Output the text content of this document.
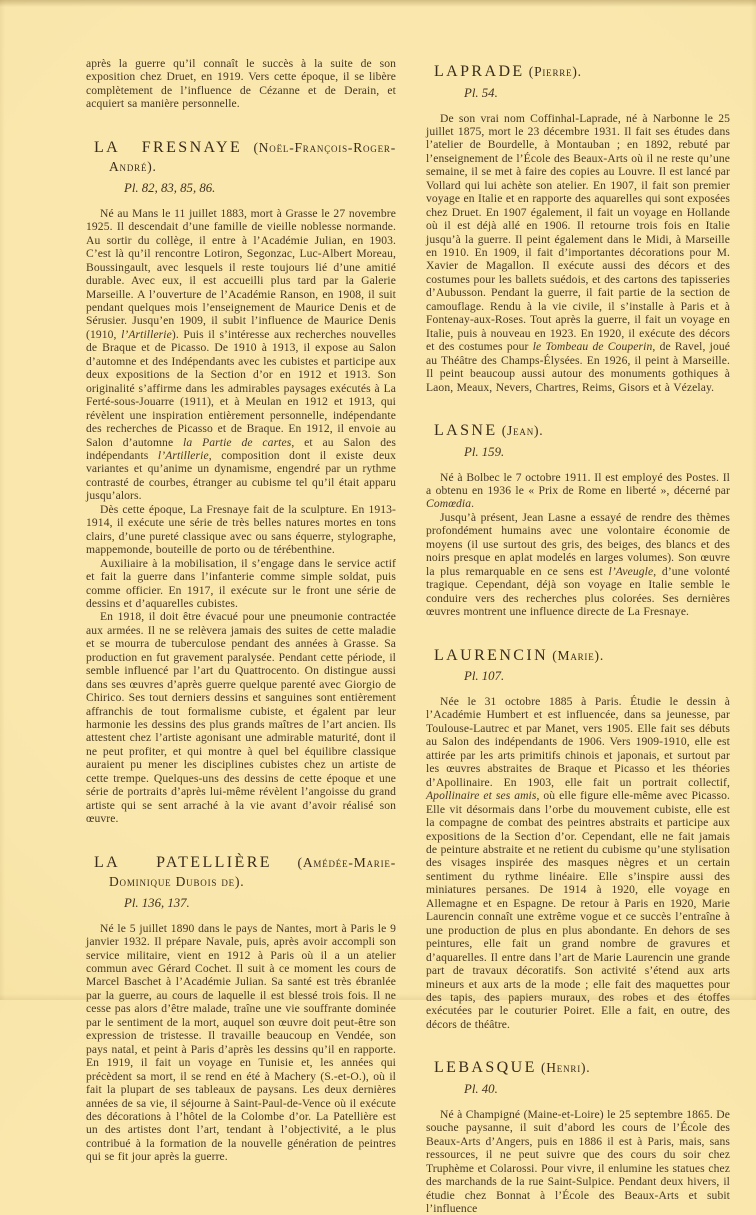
après la guerre qu’il connaît le succès à la suite de son exposition chez Druet, en 1919. Vers cette époque, il se libère complètement de l’influence de Cézanne et de Derain, et acquiert sa manière personnelle.

LA FRESNAYE (Noël-François-Roger-André).
Pl. 82, 83, 85, 86.

Né au Mans le 11 juillet 1883, mort à Grasse le 27 novembre 1925. Il descendait d’une famille de vieille noblesse normande. Au sortir du collège, il entre à l’Académie Julian, en 1903. C’est là qu’il rencontre Lotiron, Segonzac, Luc-Albert Moreau, Boussingault, avec lesquels il reste toujours lié d’une amitié durable. Avec eux, il est accueilli plus tard par la Galerie Marseille. A l’ouverture de l’Académie Ranson, en 1908, il suit pendant quelques mois l’enseignement de Maurice Denis et de Sérusier. Jusqu’en 1909, il subit l’influence de Maurice Denis (1910, l’Artillerie). Puis il s’intéresse aux recherches nouvelles de Braque et de Picasso. De 1910 à 1913, il expose au Salon d’automne et des Indépendants avec les cubistes et participe aux deux expositions de la Section d’or en 1912 et 1913. Son originalité s’affirme dans les admirables paysages exécutés à La Ferté-sous-Jouarre (1911), et à Meulan en 1912 et 1913, qui révèlent une inspiration entièrement personnelle, indépendante des recherches de Picasso et de Braque. En 1912, il envoie au Salon d’automne la Partie de cartes, et au Salon des indépendants l’Artillerie, composition dont il existe deux variantes et qu’anime un dynamisme, engendré par un rythme contrasté de courbes, étranger au cubisme tel qu’il était apparu jusqu’alors.

Dès cette époque, La Fresnaye fait de la sculpture. En 1913-1914, il exécute une série de très belles natures mortes en tons clairs, d’une pureté classique avec ou sans équerre, stylographe, mappemonde, bouteille de porto ou de térébenthine.

Auxiliaire à la mobilisation, il s’engage dans le service actif et fait la guerre dans l’infanterie comme simple soldat, puis comme officier. En 1917, il exécute sur le front une série de dessins et d’aquarelles cubistes.

En 1918, il doit être évacué pour une pneumonie contractée aux armées. Il ne se relèvera jamais des suites de cette maladie et se mourra de tuberculose pendant des années à Grasse. Sa production en fut gravement paralysée. Pendant cette période, il semble influencé par l’art du Quattrocento. On distingue aussi dans ses œuvres d’après guerre quelque parenté avec Giorgio de Chirico. Ses tout derniers dessins et sanguines sont entièrement affranchis de tout formalisme cubiste, et égalent par leur harmonie les dessins des plus grands maîtres de l’art ancien. Ils attestent chez l’artiste agonisant une admirable maturité, dont il ne peut profiter, et qui montre à quel bel équilibre classique auraient pu mener les disciplines cubistes chez un artiste de cette trempe. Quelques-uns des dessins de cette époque et une série de portraits d’après lui-même révèlent l’angoisse du grand artiste qui se sent arraché à la vie avant d’avoir réalisé son œuvre.

LA PATELLIÈRE (Amédée-Marie-Dominique Dubois de).
Pl. 136, 137.

Né le 5 juillet 1890 dans le pays de Nantes, mort à Paris le 9 janvier 1932. Il prépare Navale, puis, après avoir accompli son service militaire, vient en 1912 à Paris où il a un atelier commun avec Gérard Cochet. Il suit à ce moment les cours de Marcel Baschet à l’Académie Julian. Sa santé est très ébranlée par la guerre, au cours de laquelle il est blessé trois fois. Il ne cesse pas alors d’être malade, traîne une vie souffrante dominée par le sentiment de la mort, auquel son œuvre doit peut-être son expression de tristesse. Il travaille beaucoup en Vendée, son pays natal, et peint à Paris d’après les dessins qu’il en rapporte. En 1919, il fait un voyage en Tunisie et, les années qui précèdent sa mort, il se rend en été à Machery (S.-et-O.), où il fait la plupart de ses tableaux de paysans. Les deux dernières années de sa vie, il séjourne à Saint-Paul-de-Vence où il exécute des décorations à l’hôtel de la Colombe d’or. La Patellière est un des artistes dont l’art, tendant à l’objectivité, a le plus contribué à la formation de la nouvelle génération de peintres qui se fit jour après la guerre.

LAPRADE (Pierre).
Pl. 54.

De son vrai nom Coffinhal-Laprade, né à Narbonne le 25 juillet 1875, mort le 23 décembre 1931. Il fait ses études dans l’atelier de Bourdelle, à Montauban ; en 1892, rebuté par l’enseignement de l’École des Beaux-Arts où il ne reste qu’une semaine, il se met à faire des copies au Louvre. Il est lancé par Vollard qui lui achète son atelier. En 1907, il fait son premier voyage en Italie et en rapporte des aquarelles qui sont exposées chez Druet. En 1907 également, il fait un voyage en Hollande où il est déjà allé en 1906. Il retourne trois fois en Italie jusqu’à la guerre. Il peint également dans le Midi, à Marseille en 1910. En 1909, il fait d’importantes décorations pour M. Xavier de Magallon. Il exécute aussi des décors et des costumes pour les ballets suédois, et des cartons des tapisseries d’Aubusson. Pendant la guerre, il fait partie de la section de camouflage. Rendu à la vie civile, il s’installe à Paris et à Fontenay-aux-Roses. Tout après la guerre, il fait un voyage en Italie, puis à nouveau en 1923. En 1920, il exécute des décors et des costumes pour le Tombeau de Couperin, de Ravel, joué au Théâtre des Champs-Élysées. En 1926, il peint à Marseille. Il peint beaucoup aussi autour des monuments gothiques à Laon, Meaux, Nevers, Chartres, Reims, Gisors et à Vézelay.

LASNE (Jean).
Pl. 159.

Né à Bolbec le 7 octobre 1911. Il est employé des Postes. Il a obtenu en 1936 le « Prix de Rome en liberté », décerné par Comœdia.

Jusqu’à présent, Jean Lasne a essayé de rendre des thèmes profondément humains avec une volontaire économie de moyens (il use surtout des gris, des beiges, des blancs et des noirs presque en aplat modelés en larges volumes). Son œuvre la plus remarquable en ce sens est l’Aveugle, d’une volonté tragique. Cependant, déjà son voyage en Italie semble le conduire vers des recherches plus colorées. Ses dernières œuvres montrent une influence directe de La Fresnaye.

LAURENCIN (Marie).
Pl. 107.

Née le 31 octobre 1885 à Paris. Étudie le dessin à l’Académie Humbert et est influencée, dans sa jeunesse, par Toulouse-Lautrec et par Manet, vers 1905. Elle fait ses débuts au Salon des indépendants de 1906. Vers 1909-1910, elle est attirée par les arts primitifs chinois et japonais, et surtout par les œuvres abstraites de Braque et Picasso et les théories d’Apollinaire. En 1903, elle fait un portrait collectif, Apollinaire et ses amis, où elle figure elle-même avec Picasso. Elle vit désormais dans l’orbe du mouvement cubiste, elle est la compagne de combat des peintres abstraits et participe aux expositions de la Section d’or. Cependant, elle ne fait jamais de peinture abstraite et ne retient du cubisme qu’une stylisation des visages inspirée des masques nègres et un certain sentiment du rythme linéaire. Elle s’inspire aussi des miniatures persanes. De 1914 à 1920, elle voyage en Allemagne et en Espagne. De retour à Paris en 1920, Marie Laurencin connaît une extrême vogue et ce succès l’entraîne à une production de plus en plus abondante. En dehors de ses peintures, elle fait un grand nombre de gravures et d’aquarelles. Il entre dans l’art de Marie Laurencin une grande part de travaux décoratifs. Son activité s’étend aux arts mineurs et aux arts de la mode ; elle fait des maquettes pour des tapis, des papiers muraux, des robes et des étoffes exécutées par le couturier Poiret. Elle a fait, en outre, des décors de théâtre.

LEBASQUE (Henri).
Pl. 40.

Né à Champigné (Maine-et-Loire) le 25 septembre 1865. De souche paysanne, il suit d’abord les cours de l’École des Beaux-Arts d’Angers, puis en 1886 il est à Paris, mais, sans ressources, il ne peut suivre que des cours du soir chez Truphème et Colarossi. Pour vivre, il enlumine les statues chez des marchands de la rue Saint-Sulpice. Pendant deux hivers, il étudie chez Bonnat à l’École des Beaux-Arts et subit l’influence
